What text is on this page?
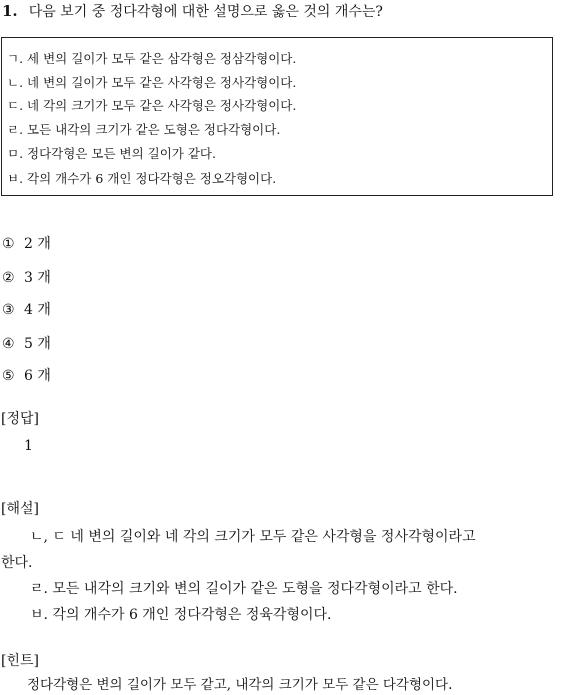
1. 다음 보기 중 정다각형에 대한 설명으로 옳은 것의 개수는?
ㄱ. 세 변의 길이가 모두 같은 삼각형은 정삼각형이다.
ㄴ. 네 변의 길이가 모두 같은 사각형은 정사각형이다.
ㄷ. 네 각의 크기가 모두 같은 사각형은 정사각형이다.
ㄹ. 모든 내각의 크기가 같은 도형은 정다각형이다.
ㅁ. 정다각형은 모든 변의 길이가 같다.
ㅂ. 각의 개수가 6 개인 정다각형은 정오각형이다.
① 2 개
② 3 개
③ 4 개
④ 5 개
⑤ 6 개
[정답]
1
[해설]
ㄴ, ㄷ 네 변의 길이와 네 각의 크기가 모두 같은 사각형을 정사각형이라고
한다.
ㄹ. 모든 내각의 크기와 변의 길이가 같은 도형을 정다각형이라고 한다.
ㅂ. 각의 개수가 6 개인 정다각형은 정육각형이다.
[힌트]
정다각형은 변의 길이가 모두 같고, 내각의 크기가 모두 같은 다각형이다.
